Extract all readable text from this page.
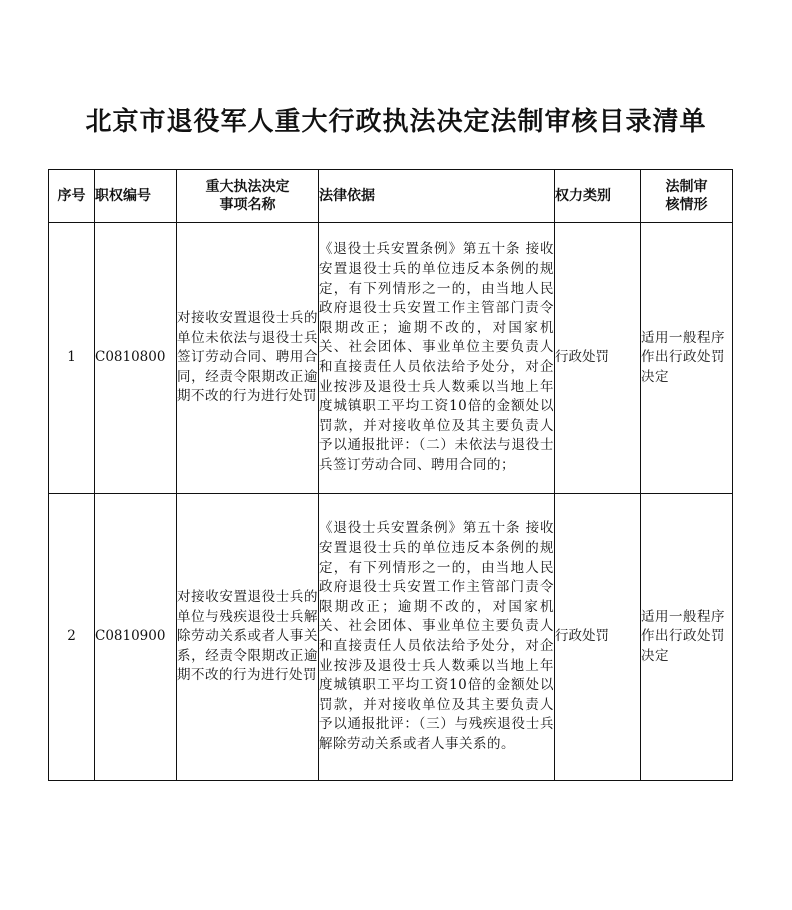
北京市退役军人重大行政执法决定法制审核目录清单
序号	职权编号	重大执法决定事项名称	法律依据	权力类别	法制审核情形
1	C0810800	对接收安置退役士兵的单位未依法与退役士兵签订劳动合同、聘用合同，经责令限期改正逾期不改的行为进行处罚	《退役士兵安置条例》第五十条 接收安置退役士兵的单位违反本条例的规定，有下列情形之一的，由当地人民政府退役士兵安置工作主管部门责令限期改正；逾期不改的，对国家机关、社会团体、事业单位主要负责人和直接责任人员依法给予处分，对企业按涉及退役士兵人数乘以当地上年度城镇职工平均工资10倍的金额处以罚款，并对接收单位及其主要负责人予以通报批评：（二）未依法与退役士兵签订劳动合同、聘用合同的；	行政处罚	适用一般程序作出行政处罚决定

2	C0810900	对接收安置退役士兵的单位与残疾退役士兵解除劳动关系或者人事关系，经责令限期改正逾期不改的行为进行处罚	《退役士兵安置条例》第五十条 接收安置退役士兵的单位违反本条例的规定，有下列情形之一的，由当地人民政府退役士兵安置工作主管部门责令限期改正；逾期不改的，对国家机关、社会团体、事业单位主要负责人和直接责任人员依法给予处分，对企业按涉及退役士兵人数乘以当地上年度城镇职工平均工资10倍的金额处以罚款，并对接收单位及其主要负责人予以通报批评：（三）与残疾退役士兵解除劳动关系或者人事关系的。	行政处罚	适用一般程序作出行政处罚决定
